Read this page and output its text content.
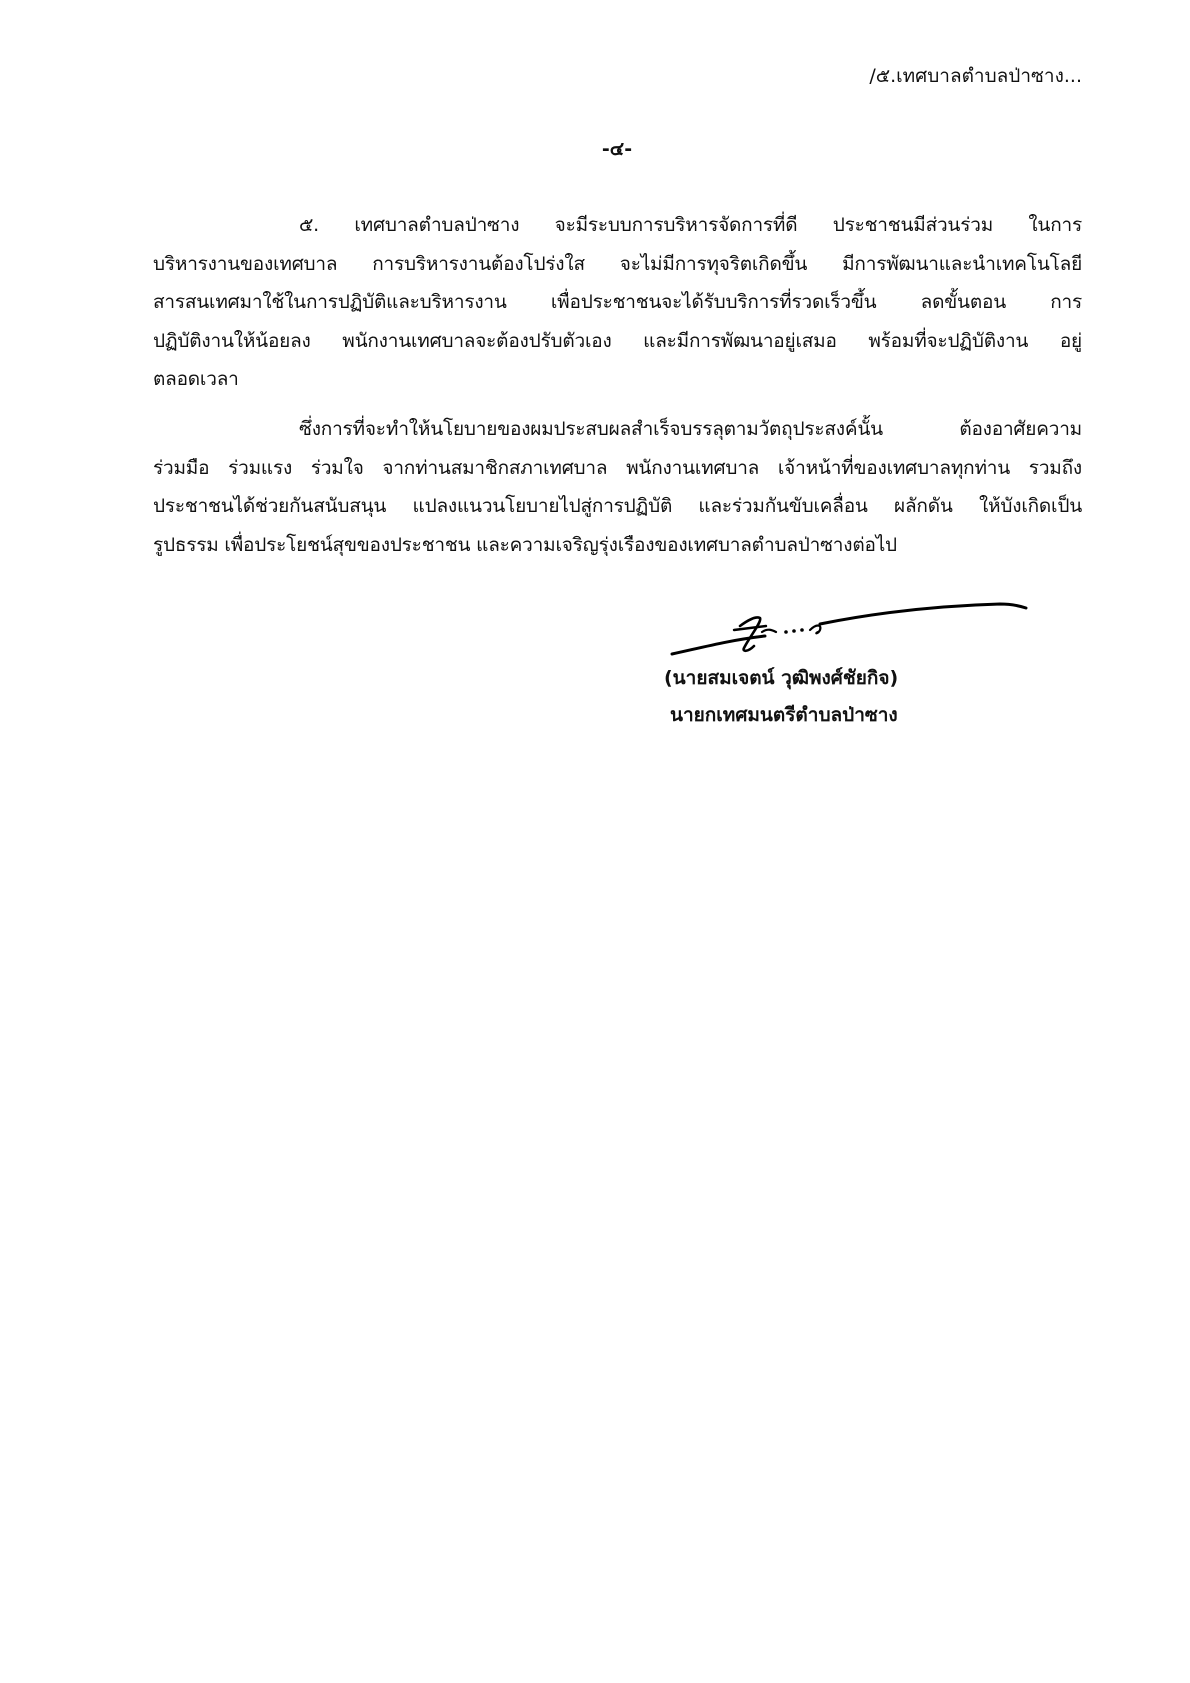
/๕.เทศบาลตำบลป่าซาง...
-๔-
๕. เทศบาลตำบลป่าซาง จะมีระบบการบริหารจัดการที่ดี ประชาชนมีส่วนร่วม ในการ
บริหารงานของเทศบาล การบริหารงานต้องโปร่งใส จะไม่มีการทุจริตเกิดขึ้น มีการพัฒนาและนำเทคโนโลยี
สารสนเทศมาใช้ในการปฏิบัติและบริหารงาน เพื่อประชาชนจะได้รับบริการที่รวดเร็วขึ้น ลดขั้นตอน การ
ปฏิบัติงานให้น้อยลง พนักงานเทศบาลจะต้องปรับตัวเอง และมีการพัฒนาอยู่เสมอ พร้อมที่จะปฏิบัติงาน อยู่
ตลอดเวลา
ซึ่งการที่จะทำให้นโยบายของผมประสบผลสำเร็จบรรลุตามวัตถุประสงค์นั้น ต้องอาศัยความ
ร่วมมือ ร่วมแรง ร่วมใจ จากท่านสมาชิกสภาเทศบาล พนักงานเทศบาล เจ้าหน้าที่ของเทศบาลทุกท่าน รวมถึง
ประชาชนได้ช่วยกันสนับสนุน แปลงแนวนโยบายไปสู่การปฏิบัติ และร่วมกันขับเคลื่อน ผลักดัน ให้บังเกิดเป็น
รูปธรรม เพื่อประโยชน์สุขของประชาชน และความเจริญรุ่งเรืองของเทศบาลตำบลป่าซางต่อไป
(นายสมเจตน์ วุฒิพงศ์ชัยกิจ)
นายกเทศมนตรีตำบลป่าซาง
